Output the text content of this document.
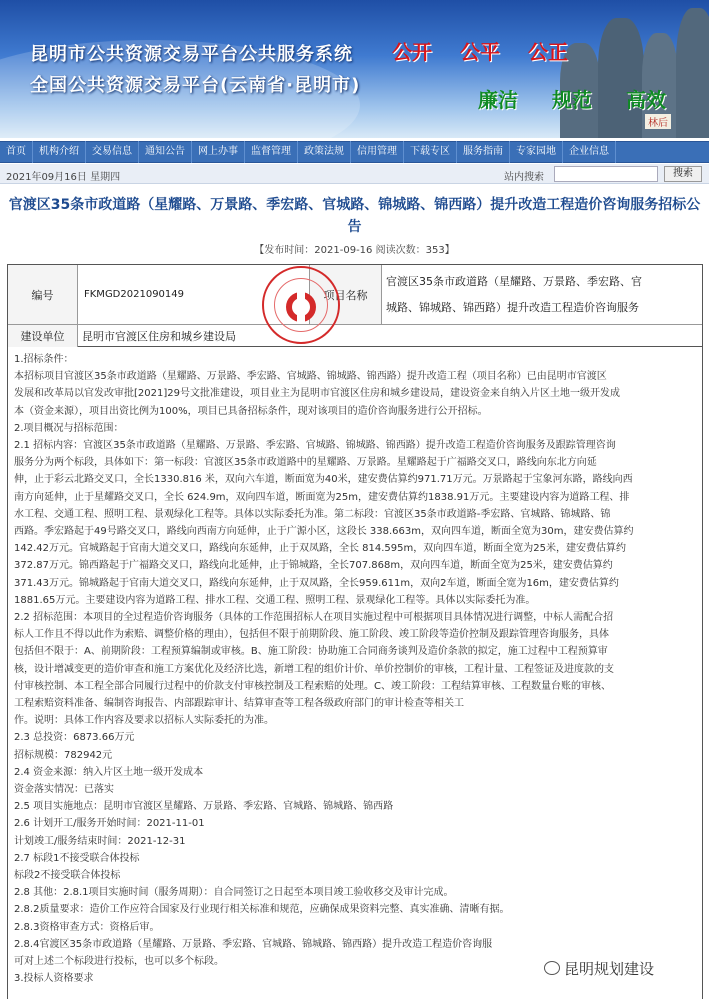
昆明市公共资源交易平台公共服务系统
全国公共资源交易平台(云南省·昆明市)
公开 公平 公正
廉洁 规范 高效
林后
首页	机构介绍	交易信息	通知公告	网上办事	监督管理	政策法规	信用管理	下载专区	服务指南	专家园地	企业信息
2021年09月16日 星期四	站内搜索	搜索
官渡区35条市政道路（星耀路、万景路、季宏路、官城路、锦城路、锦西路）提升改造工程造价咨询服务招标公告
【发布时间：2021-09-16 阅读次数：353】
编号	FKMGD2021090149	项目名称
官渡区35条市政道路（星耀路、万景路、季宏路、官
城路、锦城路、锦西路）提升改造工程造价咨询服务
建设单位	昆明市官渡区住房和城乡建设局
1.招标条件：
本招标项目官渡区35条市政道路（星耀路、万景路、季宏路、官城路、锦城路、锦西路）提升改造工程（项目名称）已由昆明市官渡区
发展和改革局以官发改审批[2021]29号文批准建设，项目业主为昆明市官渡区住房和城乡建设局，建设资金来自纳入片区土地一级开发成
本（资金来源），项目出资比例为100%，项目已具备招标条件，现对该项目的造价咨询服务进行公开招标。
2.项目概况与招标范围：
2.1 招标内容：官渡区35条市政道路（星耀路、万景路、季宏路、官城路、锦城路、锦西路）提升改造工程造价咨询服务及跟踪管理咨询
服务分为两个标段，具体如下：第一标段：官渡区35条市政道路中的星耀路、万景路。星耀路起于广福路交叉口，路线向东北方向延
伸，止于彩云北路交叉口，全长1330.816 米，双向六车道，断面宽为40米，建安费估算约971.71万元。万景路起于宝象河东路，路线向西
南方向延伸，止于星耀路交叉口，全长 624.9m，双向四车道，断面宽为25m，建安费估算约1838.91万元。主要建设内容为道路工程、排
水工程、交通工程、照明工程、景观绿化工程等。具体以实际委托为准。第二标段：官渡区35条市政道路-季宏路、官城路、锦城路、锦
西路。季宏路起于49号路交叉口，路线向西南方向延伸，止于广源小区，这段长 338.663m，双向四车道，断面全宽为30m，建安费估算约
142.42万元。官城路起于官南大道交叉口，路线向东延伸，止于双凤路，全长 814.595m，双向四车道，断面全宽为25米，建安费估算约
372.87万元。锦西路起于广福路交叉口，路线向北延伸，止于锦城路，全长707.868m，双向四车道，断面全宽为25米，建安费估算约
371.43万元。锦城路起于官南大道交叉口，路线向东延伸，止于双凤路，全长959.611m，双向2车道，断面全宽为16m，建安费估算约
1881.65万元。主要建设内容为道路工程、排水工程、交通工程、照明工程、景观绿化工程等。具体以实际委托为准。
2.2 招标范围：本项目的全过程造价咨询服务（具体的工作范围招标人在项目实施过程中可根据项目具体情况进行调整，中标人需配合招
标人工作且不得以此作为索赔、调整价格的理由），包括但不限于前期阶段、施工阶段、竣工阶段等造价控制及跟踪管理咨询服务，具体
包括但不限于：A、前期阶段：工程预算编制或审核。B、施工阶段：协助施工合同商务谈判及造价条款的拟定，施工过程中工程预算审
核，设计增减变更的造价审查和施工方案优化及经济比选，新增工程的组价计价、单价控制价的审核，工程计量、工程签证及进度款的支
付审核控制、本工程全部合同履行过程中的价款支付审核控制及工程索赔的处理。C、竣工阶段：工程结算审核、工程数量台账的审核、
工程索赔资料准备、编制咨询报告、内部跟踪审计、结算审查等工程各级政府部门的审计检查等相关工
作。说明：具体工作内容及要求以招标人实际委托的为准。
2.3 总投资：6873.66万元
招标规模：782942元
2.4 资金来源：纳入片区土地一级开发成本
资金落实情况：已落实
2.5 项目实施地点：昆明市官渡区星耀路、万景路、季宏路、官城路、锦城路、锦西路
2.6 计划开工/服务开始时间：2021-11-01
计划竣工/服务结束时间：2021-12-31
2.7 标段1不接受联合体投标
标段2不接受联合体投标
2.8 其他：2.8.1项目实施时间（服务周期）：自合同签订之日起至本项目竣工验收移交及审计完成。
2.8.2质量要求：造价工作应符合国家及行业现行相关标准和规范，应确保成果资料完整、真实准确、清晰有据。
2.8.3资格审查方式：资格后审。
2.8.4官渡区35条市政道路（星耀路、万景路、季宏路、官城路、锦城路、锦西路）提升改造工程造价咨询服
可对上述二个标段进行投标，也可以多个标段。
3.投标人资格要求
昆明规划建设
